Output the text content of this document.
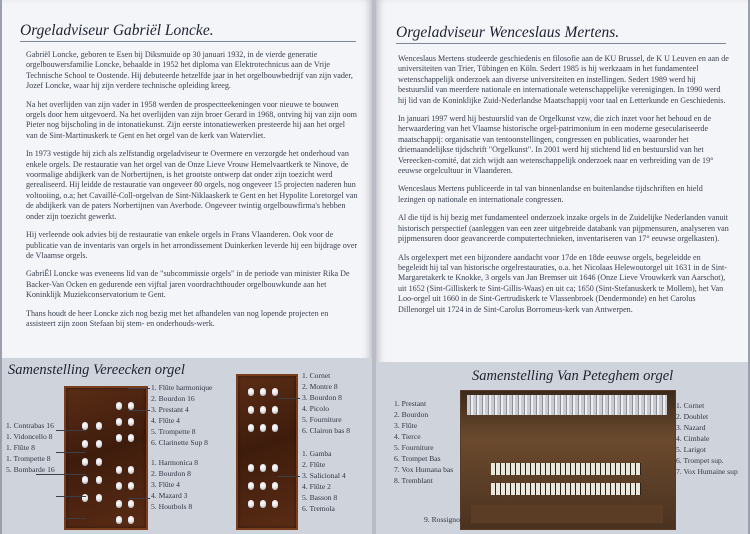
Orgeladviseur Gabriël Loncke.

Gabriël Loncke, geboren te Esen bij Diksmuide op 30 januari 1932, in de vierde generatie orgelbouwersfamilie Loncke, behaalde in 1952 het diploma van Elektrotechnicus aan de Vrije Technische School te Oostende. Hij debuteerde hetzelfde jaar in het orgelbouwbedrijf van zijn vader, Jozef Loncke, waar hij zijn verdere technische opleiding kreeg.

Na het overlijden van zijn vader in 1958 werden de prospectteekeningen voor nieuwe te bouwen orgels door hem uitgevoerd. Na het overlijden van zijn broer Gerard in 1968, ontving hij van zijn oom Pieter nog bijscholing in de intonatiekunst. Zijn eerste intonatiewerken presteerde hij aan het orgel van de Sint-Martinuskerk te Gent en het orgel van de kerk van Watervliet.

In 1973 vestigde hij zich als zelfstandig orgeladviseur te Overmere en verzorgde het onderhoud van enkele orgels. De restauratie van het orgel van de Onze Lieve Vrouw Hemelvaartkerk te Ninove, de voormalige abdijkerk van de Norbertijnen, is het grootste ontwerp dat onder zijn toezicht werd gerealiseerd. Hij leidde de restauratie van ongeveer 80 orgels, nog ongeveer 15 projecten naderen hun voltooiing, o.a; het Cavaillé-Coll-orgelvan de Sint-Niklaaskerk te Gent en het Hypolite Loretorgel van de abdijkerk van de paters Norbertijnen van Averbode. Ongeveer twintig orgelbouwfirma's hebben onder zijn toezicht gewerkt.

Hij verleende ook advies bij de restauratie van enkele orgels in Frans Vlaanderen. Ook voor de publicatie van de inventaris van orgels in het arrondissement Duinkerken leverde hij een bijdrage over de Vlaamse orgels.

GabriËl Loncke was eveneens lid van de "subcommissie orgels" in de periode van minister Rika De Backer-Van Ocken en gedurende een vijftal jaren voordrachthouder orgelbouwkunde aan het Koninklijk Muziekconservatorium te Gent.

Thans houdt de heer Loncke zich nog bezig met het afhandelen van nog lopende projecten en assisteert zijn zoon Stefaan bij stem- en onderhouds-werk.

Samenstelling Vereecken orgel
1. Contrabas 16
1. Vidoncello 8
1. Flûte 8
1. Trompette 8
5. Bombarde 16
1. Flûte harmonique
2. Bourdon 16
3. Prestant 4
4. Flûte 4
5. Trompette 8
6. Clarinette Sup 8
1. Harmonica 8
2. Bourdon 8
3. Flûte 4
4. Mazard 3
5. Houtbols 8
1. Cornet
2. Montre 8
3. Bourdon 8
4. Picolo
5. Fourniture
6. Clairon bas 8
1. Gamba
2. Flûte
3. Salicional 4
4. Flûte 2
5. Basson 8
6. Tremola
Orgeladviseur Wenceslaus Mertens.

Wenceslaus Mertens studeerde geschiedenis en filosofie aan de KU Brussel, de K U Leuven en aan de universiteiten van Trier, Tübingen en Köln. Sedert 1985 is hij werkzaam in het fundamenteel wetenschappelijk onderzoek aan diverse universiteiten en instellingen. Sedert 1989 werd hij bestuurslid van meerdere nationale en internationale wetenschappelijke verenigingen. In 1990 werd hij lid van de Koninklijke Zuid-Nederlandse Maatschappij voor taal en Letterkunde en Geschiedenis.

In januari 1997 werd hij bestuurslid van de Orgelkunst vzw, die zich inzet voor het behoud en de herwaardering van het Vlaamse historische orgel-patrimonium in een moderne geseculariseerde maatschappij: organisatie van tentoonstellingen, congressen en publicaties, waaronder het driemaandelijkse tijdschrift "Orgelkunst". In 2001 werd hij stichtend lid en bestuurslid van het Vereecken-comité, dat zich wijdt aan wetenschappelijk onderzoek naar en verbreiding van de 19° eeuwse orgelcultuur in Vlaanderen.

Wenceslaus Mertens publiceerde in tal van binnenlandse en buitenlandse tijdschriften en hield lezingen op nationale en internationale congressen.

Al die tijd is hij bezig met fundamenteel onderzoek inzake orgels in de Zuidelijke Nederlanden vanuit historisch perspectief (aanleggen van een zeer uitgebreide databank van pijpmensuren, analyseren van pijpmensuren door geavanceerde computertechnieken, inventariseren van 17° eeuwse orgelkasten).

Als orgelexpert met een bijzondere aandacht voor 17de en 18de eeuwse orgels, begeleidde en begeleidt hij tal van historische orgelrestauraties, o.a. het Nicolaas Helewoutorgel uit 1631 in de Sint-Margaretakerk te Knokke, 3 orgels van Jan Bremser uit 1646 (Onze Lieve Vrouwkerk van Aarschot), uit 1652 (Sint-Gilliskerk te Sint-Gillis-Waas) en uit ca; 1650 (Sint-Stefanuskerk te Mollem), het Van Loo-orgel uit 1660 in de Sint-Gertrudiskerk te Vlassenbroek (Dendermonde) en het Carolus Dillenorgel uit 1724 in de Sint-Carolus Borromeus-kerk van Antwerpen.

Samenstelling Van Peteghem orgel
1. Prestant
2. Bourdon
3. Flûte
4. Tierce
5. Fourniture
6. Trompet Bas
7. Vox Humana bas
8. Tremblant
9. Rossignol
1. Cornet
2. Doublet
3. Nazard
4. Cimbale
5. Larigot
6. Trompet sup.
7. Vox Humaine sup
